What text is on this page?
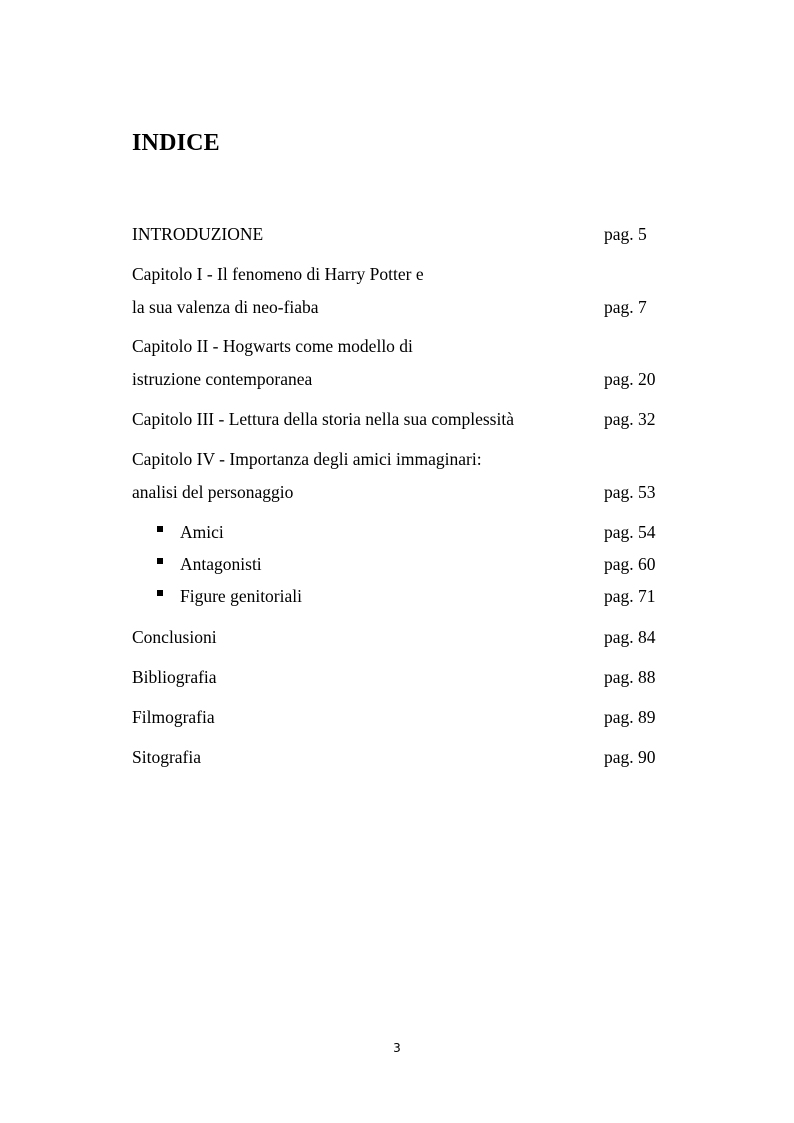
INDICE
INTRODUZIONE	pag. 5
Capitolo I - Il fenomeno di Harry Potter e
la sua valenza di neo-fiaba	pag. 7
Capitolo II - Hogwarts come modello di
istruzione contemporanea	pag. 20
Capitolo III - Lettura della storia nella sua complessità	pag. 32
Capitolo IV - Importanza degli amici immaginari:
analisi del personaggio	pag. 53
Amici	pag. 54
Antagonisti	pag. 60
Figure genitoriali	pag. 71
Conclusioni	pag. 84
Bibliografia	pag. 88
Filmografia	pag. 89
Sitografia	pag. 90
3
